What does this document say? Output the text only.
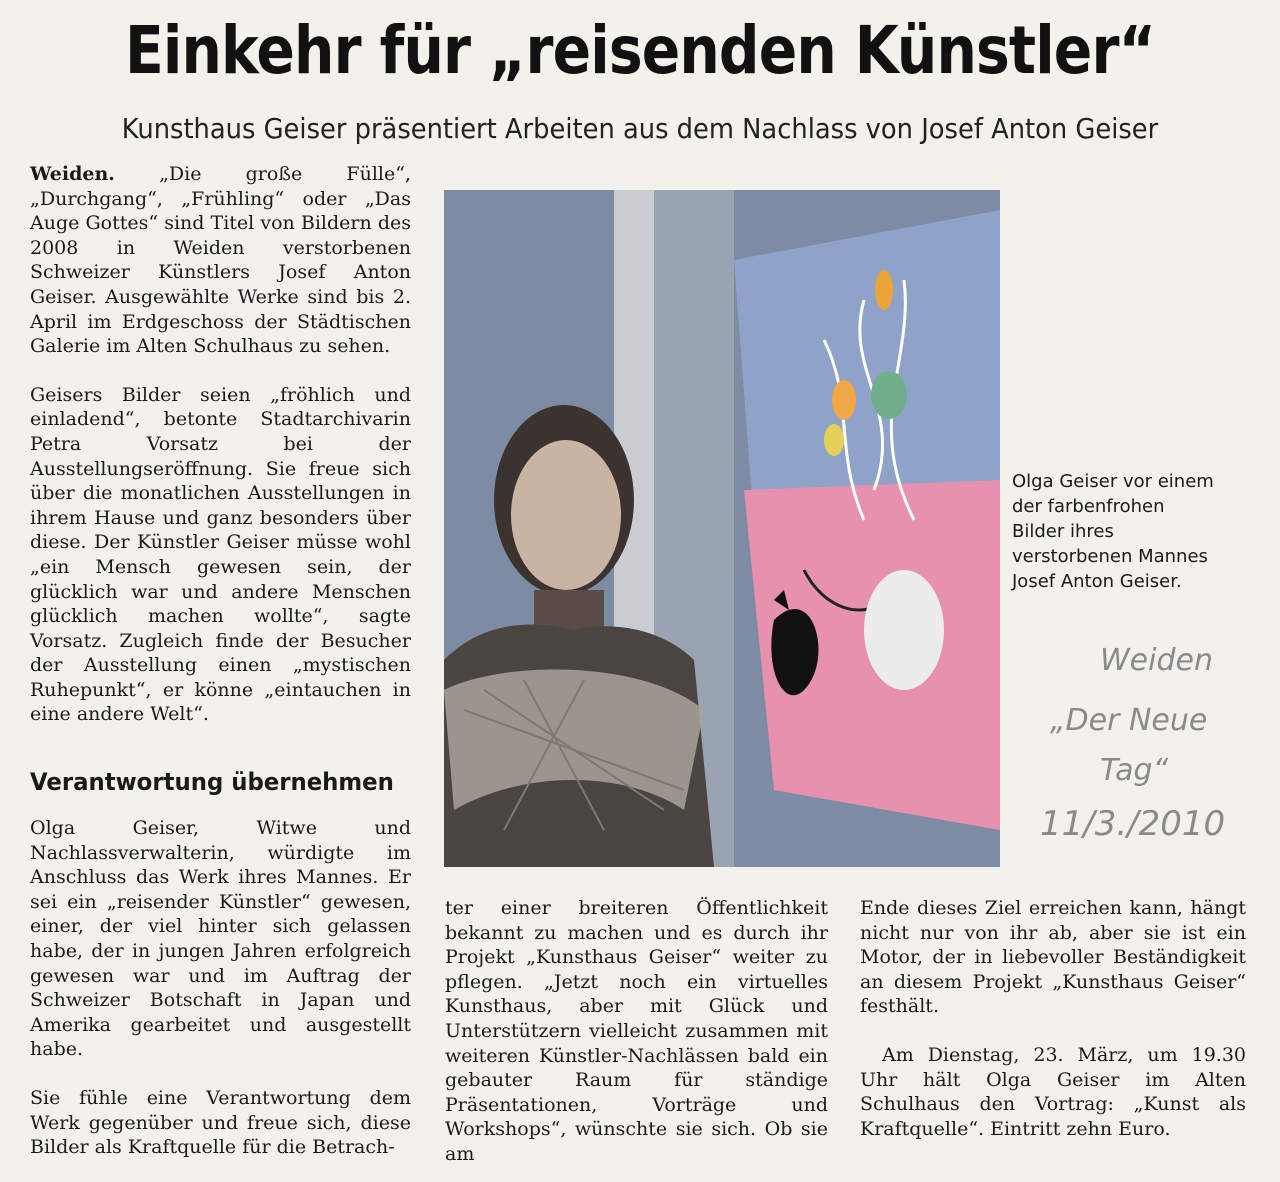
Einkehr für „reisenden Künstler“
Kunsthaus Geiser präsentiert Arbeiten aus dem Nachlass von Josef Anton Geiser

Weiden. „Die große Fülle“, „Durchgang“, „Frühling“ oder „Das Auge Gottes“ sind Titel von Bildern des 2008 in Weiden verstorbenen Schweizer Künstlers Josef Anton Geiser. Ausgewählte Werke sind bis 2. April im Erdgeschoss der Städtischen Galerie im Alten Schulhaus zu sehen.

Geisers Bilder seien „fröhlich und einladend“, betonte Stadtarchivarin Petra Vorsatz bei der Ausstellungseröffnung. Sie freue sich über die monatlichen Ausstellungen in ihrem Hause und ganz besonders über diese. Der Künstler Geiser müsse wohl „ein Mensch gewesen sein, der glücklich war und andere Menschen glücklich machen wollte“, sagte Vorsatz. Zugleich finde der Besucher der Ausstellung einen „mystischen Ruhepunkt“, er könne „eintauchen in eine andere Welt“.

Verantwortung übernehmen

Olga Geiser, Witwe und Nachlassverwalterin, würdigte im Anschluss das Werk ihres Mannes. Er sei ein „reisender Künstler“ gewesen, einer, der viel hinter sich gelassen habe, der in jungen Jahren erfolgreich gewesen war und im Auftrag der Schweizer Botschaft in Japan und Amerika gearbeitet und ausgestellt habe.

Sie fühle eine Verantwortung dem Werk gegenüber und freue sich, diese Bilder als Kraftquelle für die Betrach-

Olga Geiser vor einem der farbenfrohen Bilder ihres verstorbenen Mannes Josef Anton Geiser.

Weiden
„Der Neue
Tag“
11/3./2010

ter einer breiteren Öffentlichkeit bekannt zu machen und es durch ihr Projekt „Kunsthaus Geiser“ weiter zu pflegen. „Jetzt noch ein virtuelles Kunsthaus, aber mit Glück und Unterstützern vielleicht zusammen mit weiteren Künstler-Nachlässen bald ein gebauter Raum für ständige Präsentationen, Vorträge und Workshops“, wünschte sie sich. Ob sie am

Ende dieses Ziel erreichen kann, hängt nicht nur von ihr ab, aber sie ist ein Motor, der in liebevoller Beständigkeit an diesem Projekt „Kunsthaus Geiser“ festhält.

Am Dienstag, 23. März, um 19.30 Uhr hält Olga Geiser im Alten Schulhaus den Vortrag: „Kunst als Kraftquelle“. Eintritt zehn Euro.
